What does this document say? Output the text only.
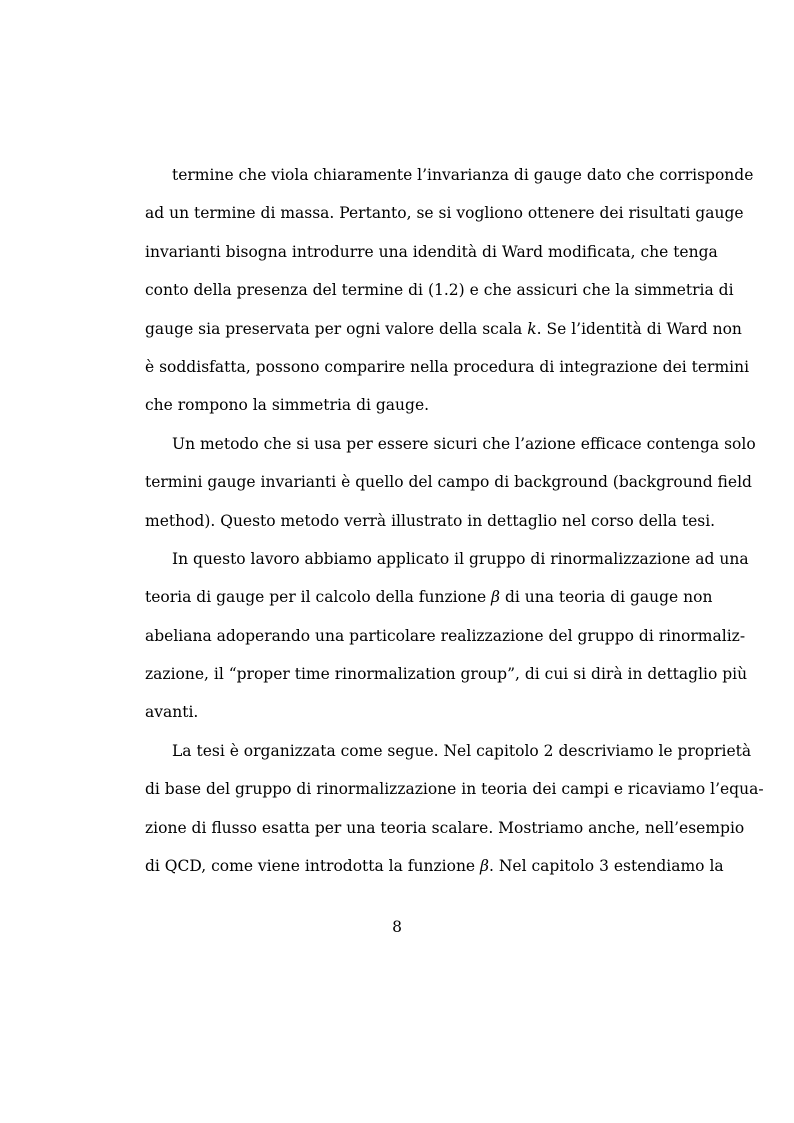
termine che viola chiaramente l’invarianza di gauge dato che corrisponde
ad un termine di massa. Pertanto, se si vogliono ottenere dei risultati gauge
invarianti bisogna introdurre una idendità di Ward modificata, che tenga
conto della presenza del termine di (1.2) e che assicuri che la simmetria di
gauge sia preservata per ogni valore della scala k. Se l’identità di Ward non
è soddisfatta, possono comparire nella procedura di integrazione dei termini
che rompono la simmetria di gauge.
Un metodo che si usa per essere sicuri che l’azione efficace contenga solo
termini gauge invarianti è quello del campo di background (background field
method). Questo metodo verrà illustrato in dettaglio nel corso della tesi.
In questo lavoro abbiamo applicato il gruppo di rinormalizzazione ad una
teoria di gauge per il calcolo della funzione β di una teoria di gauge non
abeliana adoperando una particolare realizzazione del gruppo di rinormaliz-
zazione, il “proper time rinormalization group”, di cui si dirà in dettaglio più
avanti.
La tesi è organizzata come segue. Nel capitolo 2 descriviamo le proprietà
di base del gruppo di rinormalizzazione in teoria dei campi e ricaviamo l’equa-
zione di flusso esatta per una teoria scalare. Mostriamo anche, nell’esempio
di QCD, come viene introdotta la funzione β. Nel capitolo 3 estendiamo la
8
